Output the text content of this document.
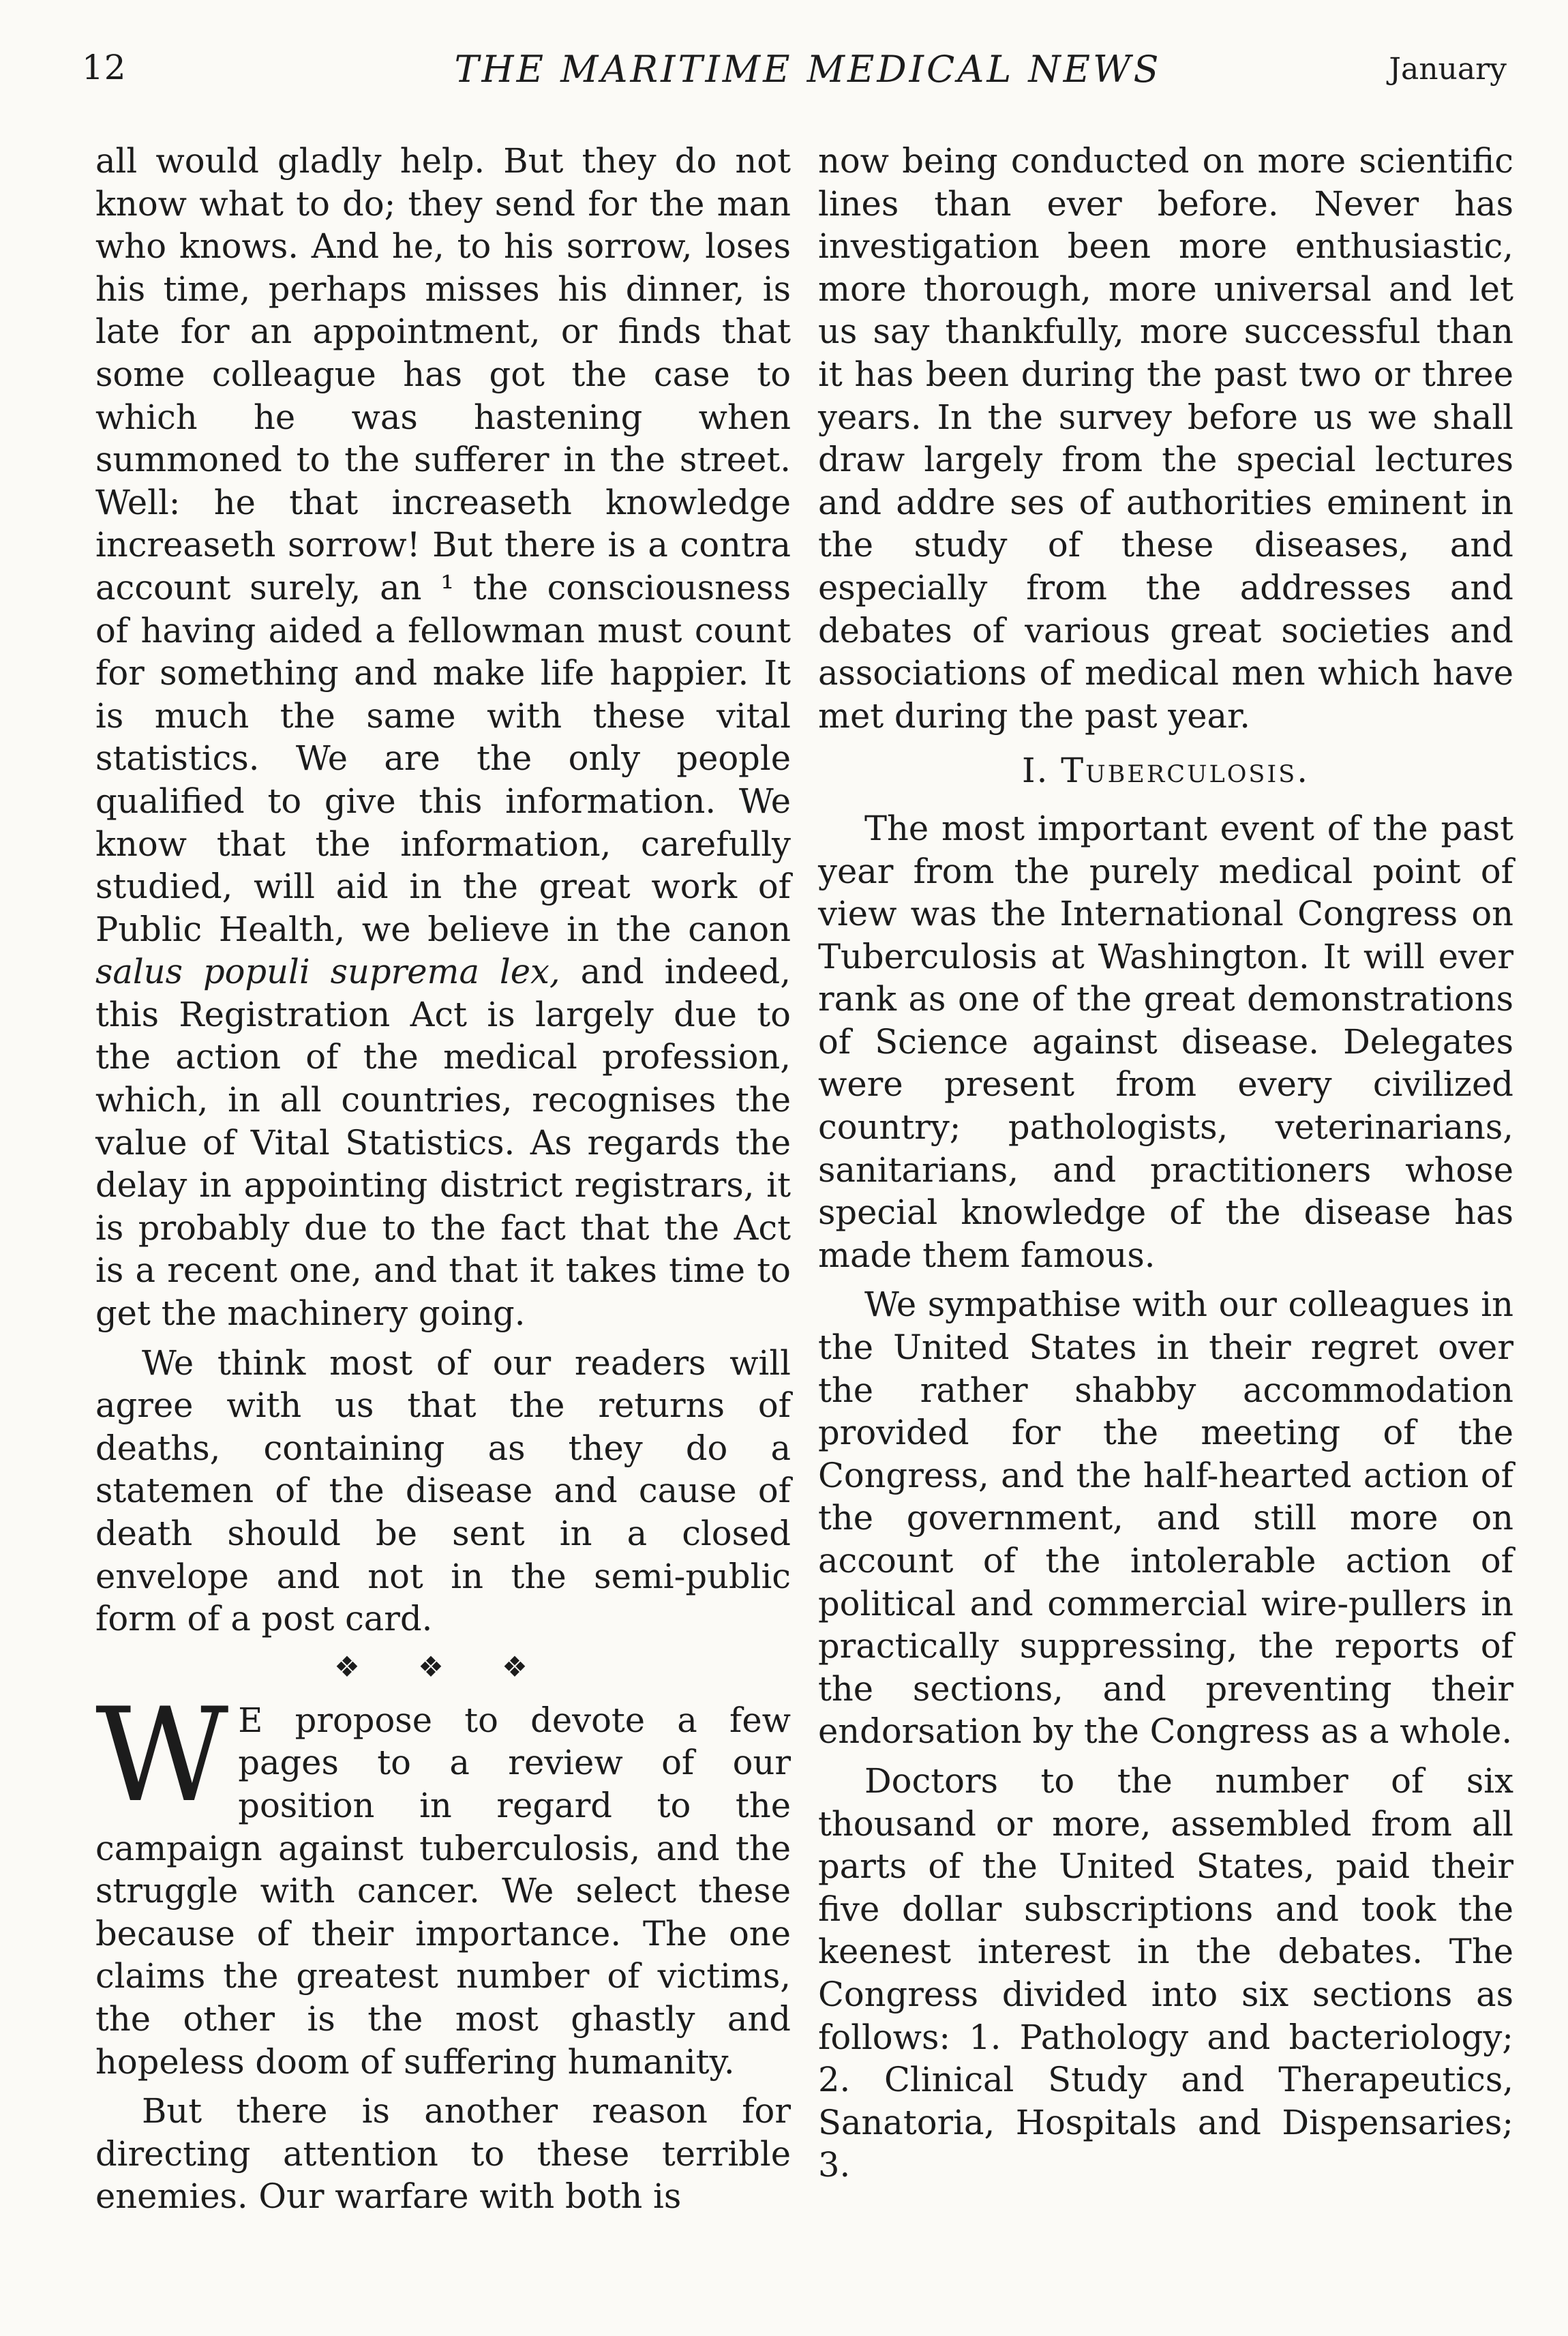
12	THE MARITIME MEDICAL NEWS	January

all would gladly help. But they do not know what to do; they send for the man who knows. And he, to his sorrow, loses his time, perhaps misses his dinner, is late for an appointment, or finds that some colleague has got the case to which he was hastening when summoned to the sufferer in the street. Well: he that increaseth knowledge increaseth sorrow! But there is a contra account surely, an ¹ the consciousness of having aided a fellowman must count for something and make life happier. It is much the same with these vital statistics. We are the only people qualified to give this information. We know that the information, carefully studied, will aid in the great work of Public Health, we believe in the canon salus populi suprema lex, and indeed, this Registration Act is largely due to the action of the medical profession, which, in all countries, recognises the value of Vital Statistics. As regards the delay in appointing district registrars, it is probably due to the fact that the Act is a recent one, and that it takes time to get the machinery going.

We think most of our readers will agree with us that the returns of deaths, containing as they do a statemen of the disease and cause of death should be sent in a closed envelope and not in the semi-public form of a post card.

❖ ❖ ❖

W E propose to devote a few pages to a review of our position in regard to the campaign against tuberculosis, and the struggle with cancer. We select these because of their importance. The one claims the greatest number of victims, the other is the most ghastly and hopeless doom of suffering humanity.

But there is another reason for directing attention to these terrible enemies. Our warfare with both is

now being conducted on more scientific lines than ever before. Never has investigation been more enthusiastic, more thorough, more universal and let us say thankfully, more successful than it has been during the past two or three years. In the survey before us we shall draw largely from the special lectures and addre ses of authorities eminent in the study of these diseases, and especially from the addresses and debates of various great societies and associations of medical men which have met during the past year.

I. Tuberculosis.

The most important event of the past year from the purely medical point of view was the International Congress on Tuberculosis at Washington. It will ever rank as one of the great demonstrations of Science against disease. Delegates were present from every civilized country; pathologists, veterinarians, sanitarians, and practitioners whose special knowledge of the disease has made them famous.

We sympathise with our colleagues in the United States in their regret over the rather shabby accommodation provided for the meeting of the Congress, and the half-hearted action of the government, and still more on account of the intolerable action of political and commercial wire-pullers in practically suppressing, the reports of the sections, and preventing their endorsation by the Congress as a whole.

Doctors to the number of six thousand or more, assembled from all parts of the United States, paid their five dollar subscriptions and took the keenest interest in the debates. The Congress divided into six sections as follows: 1. Pathology and bacteriology; 2. Clinical Study and Therapeutics, Sanatoria, Hospitals and Dispensaries; 3.
